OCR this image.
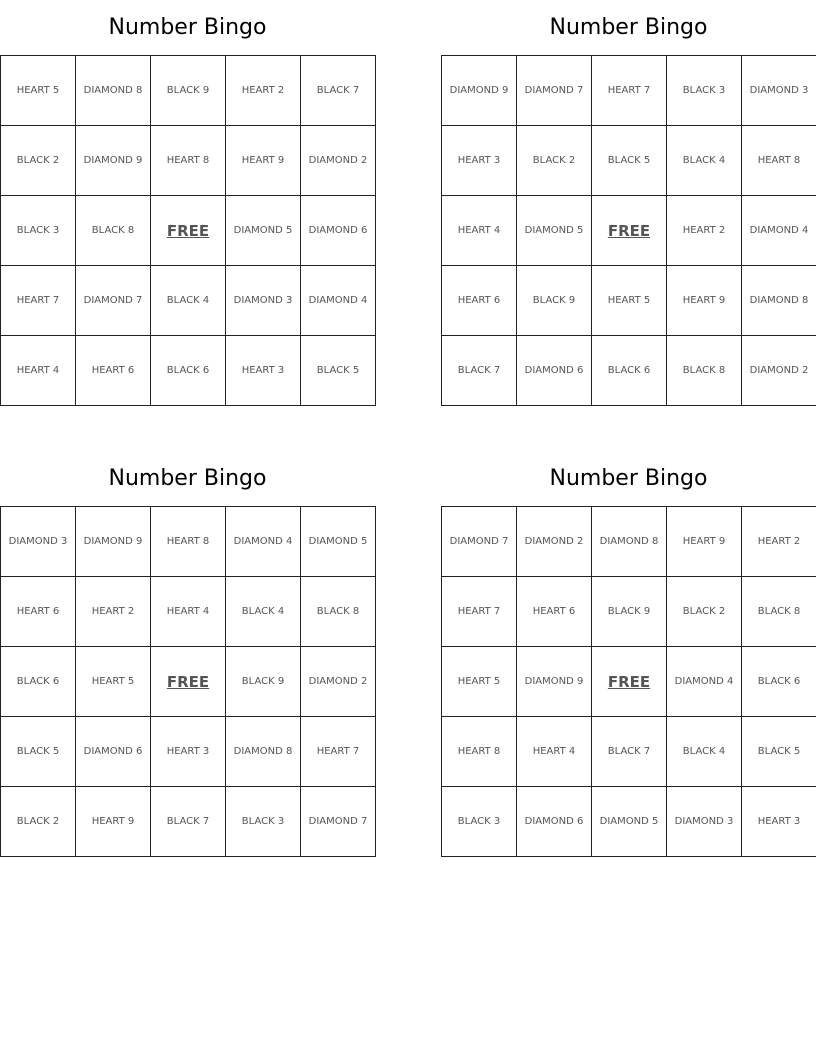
Number Bingo
HEART 5	DIAMOND 8	BLACK 9	HEART 2	BLACK 7
BLACK 2	DIAMOND 9	HEART 8	HEART 9	DIAMOND 2
BLACK 3	BLACK 8	FREE	DIAMOND 5	DIAMOND 6
HEART 7	DIAMOND 7	BLACK 4	DIAMOND 3	DIAMOND 4
HEART 4	HEART 6	BLACK 6	HEART 3	BLACK 5
Number Bingo
DIAMOND 9	DIAMOND 7	HEART 7	BLACK 3	DIAMOND 3
HEART 3	BLACK 2	BLACK 5	BLACK 4	HEART 8
HEART 4	DIAMOND 5	FREE	HEART 2	DIAMOND 4
HEART 6	BLACK 9	HEART 5	HEART 9	DIAMOND 8
BLACK 7	DIAMOND 6	BLACK 6	BLACK 8	DIAMOND 2
Number Bingo
DIAMOND 3	DIAMOND 9	HEART 8	DIAMOND 4	DIAMOND 5
HEART 6	HEART 2	HEART 4	BLACK 4	BLACK 8
BLACK 6	HEART 5	FREE	BLACK 9	DIAMOND 2
BLACK 5	DIAMOND 6	HEART 3	DIAMOND 8	HEART 7
BLACK 2	HEART 9	BLACK 7	BLACK 3	DIAMOND 7
Number Bingo
DIAMOND 7	DIAMOND 2	DIAMOND 8	HEART 9	HEART 2
HEART 7	HEART 6	BLACK 9	BLACK 2	BLACK 8
HEART 5	DIAMOND 9	FREE	DIAMOND 4	BLACK 6
HEART 8	HEART 4	BLACK 7	BLACK 4	BLACK 5
BLACK 3	DIAMOND 6	DIAMOND 5	DIAMOND 3	HEART 3
